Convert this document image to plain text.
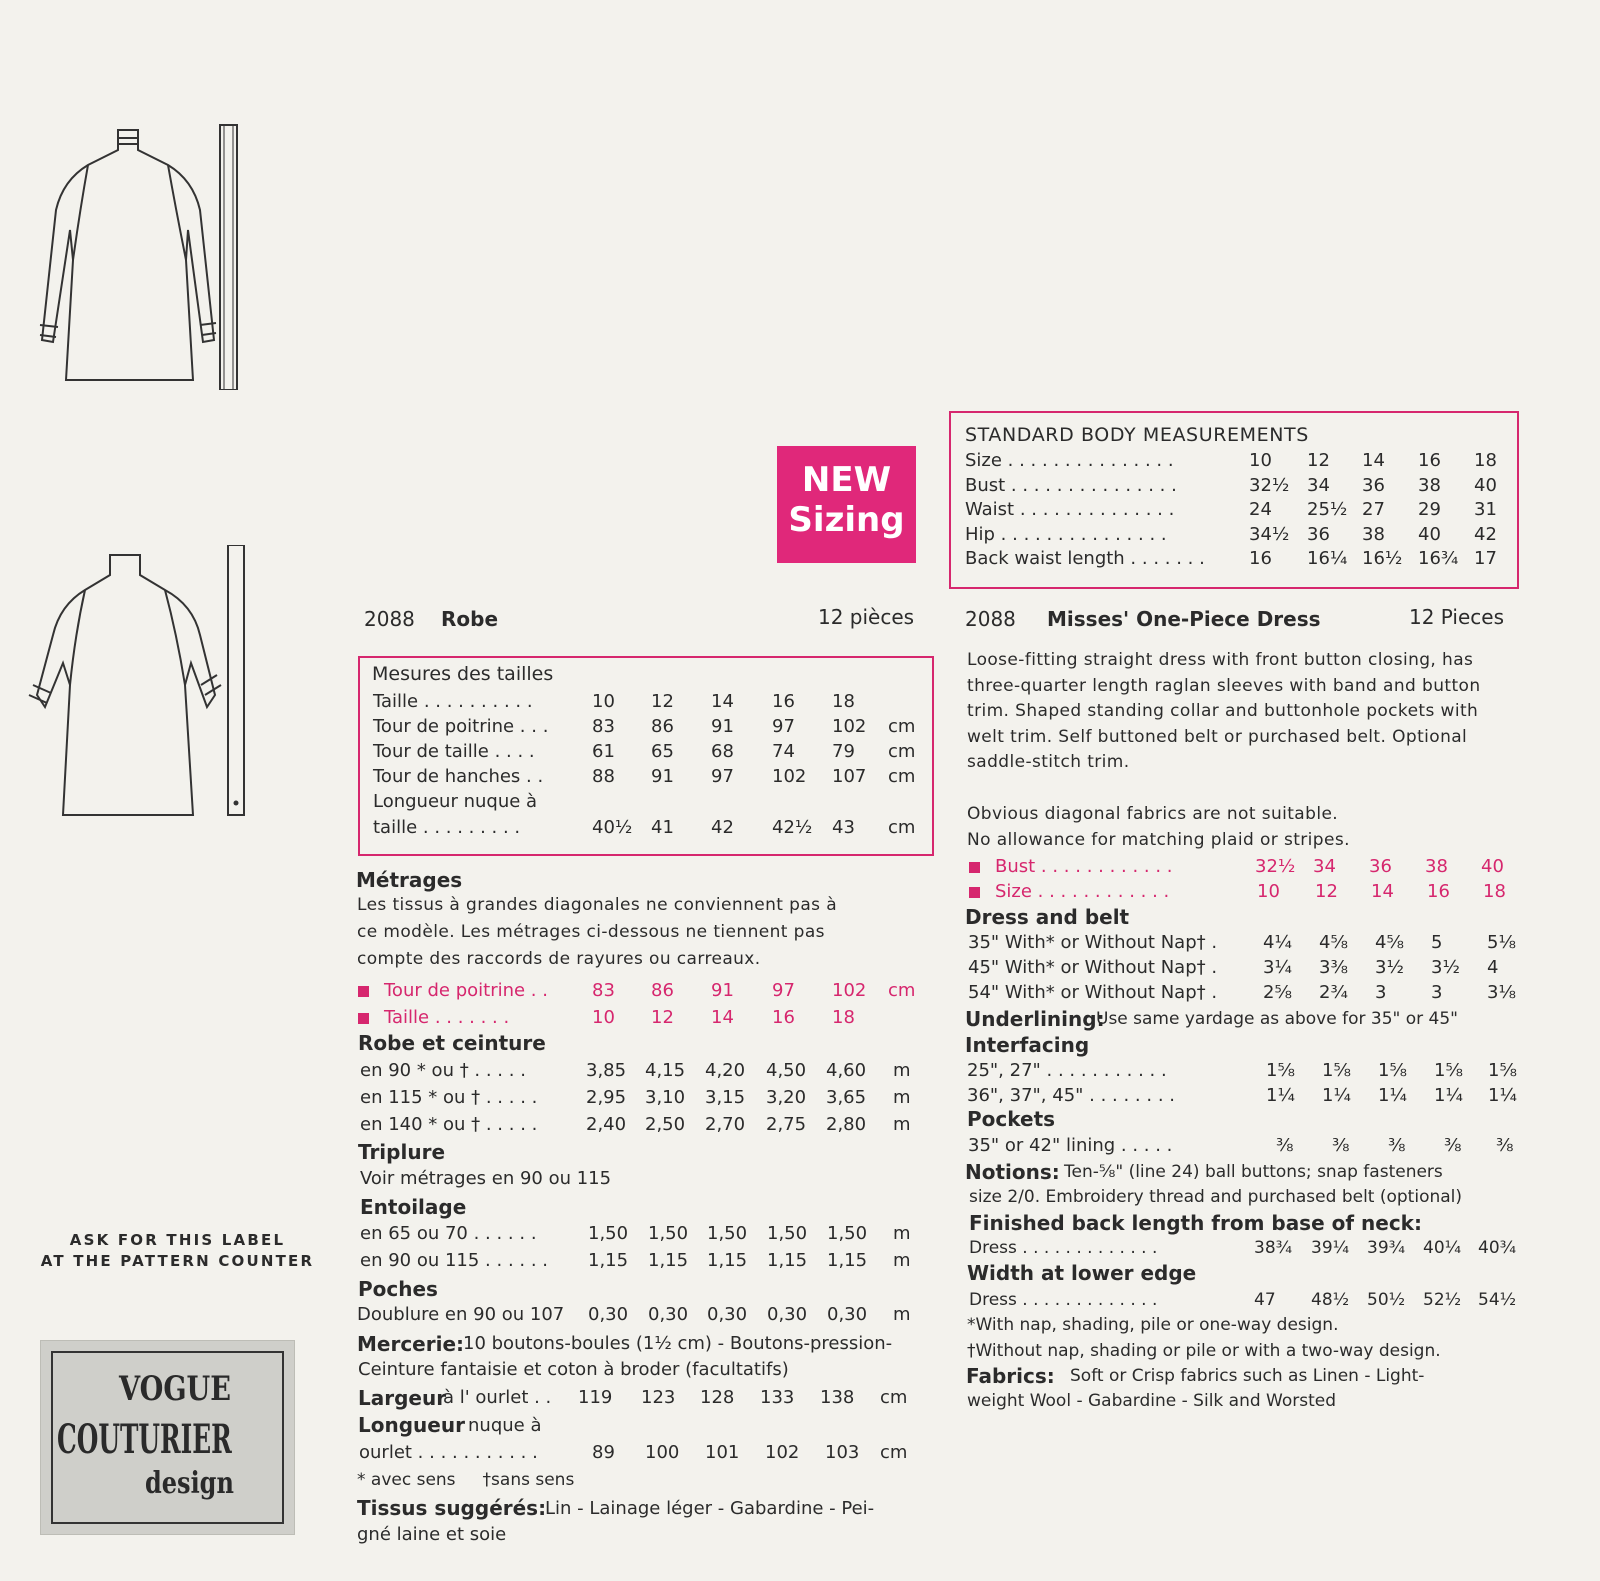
ASK FOR THIS LABEL
AT THE PATTERN COUNTER
VOGUE
COUTURIER
design
NEW
Sizing
STANDARD BODY MEASUREMENTS
Size . . . . . . . . . . . . . . .	10 12 14 16 18
Bust . . . . . . . . . . . . . . .	32½ 34 36 38 40
Waist . . . . . . . . . . . . . .	24 25½ 27 29 31
Hip . . . . . . . . . . . . . . .	34½ 36 38 40 42
Back waist length . . . . . . . 16 16¼ 16½ 16¾ 17
2088 Robe	12 pièces
Mesures des tailles
Taille . . . . . . . . . .	10 12 14 16 18
Tour de poitrine . . . 83 86 91 97 102 cm
Tour de taille . . . .	61 65 68 74 79 cm
Tour de hanches . .	88 91 97 102 107 cm
Longueur nuque à
taille . . . . . . . . .	40½ 41 42 42½ 43 cm
Métrages
Les tissus à grandes diagonales ne conviennent pas à
ce modèle. Les métrages ci-dessous ne tiennent pas
compte des raccords de rayures ou carreaux.
Tour de poitrine . . 83 86 91 97 102 cm
Taille . . . . . . .	10 12 14 16 18
Robe et ceinture
en 90 * ou † . . . . .	3,85 4,15 4,20 4,50 4,60 m
en 115 * ou † . . . . .	2,95 3,10 3,15 3,20 3,65 m
en 140 * ou † . . . . .	2,40 2,50 2,70 2,75 2,80 m
Triplure
Voir métrages en 90 ou 115
Entoilage
en 65 ou 70 . . . . . .	1,50 1,50 1,50 1,50 1,50 m
en 90 ou 115 . . . . . . 1,15 1,15 1,15 1,15 1,15 m
Poches
Doublure en 90 ou 107 0,30 0,30 0,30 0,30 0,30 m
Mercerie:
10 boutons-boules (1½ cm) - Boutons-pression-
Ceinture fantaisie et coton à broder (facultatifs)
Largeur
à l' ourlet . . 119 123 128 133 138 cm
Longueur nuque à
ourlet . . . . . . . . . . .	89 100 101 102 103 cm
* avec sens     †sans sens
Tissus suggérés:
Lin - Lainage léger - Gabardine - Pei-
gné laine et soie
2088 Misses' One-Piece Dress	12 Pieces
Loose-fitting straight dress with front button closing, has
three-quarter length raglan sleeves with band and button
trim. Shaped standing collar and buttonhole pockets with
welt trim. Self buttoned belt or purchased belt. Optional
saddle-stitch trim.
Obvious diagonal fabrics are not suitable.
No allowance for matching plaid or stripes.
Bust . . . . . . . . . . . .	32½ 34 36 38 40
Size . . . . . . . . . . . .	10 12 14 16 18
Dress and belt
35" With* or Without Nap† .	4¼ 4⅝ 4⅝ 5 5⅛
45" With* or Without Nap† .	3¼ 3⅜ 3½ 3½ 4
54" With* or Without Nap† .	2⅝ 2¾ 3 3 3⅛
Underlining:
Use same yardage as above for 35" or 45"
Interfacing
25", 27" . . . . . . . . . . .	1⅝ 1⅝ 1⅝ 1⅝ 1⅝
36", 37", 45" . . . . . . . .	1¼ 1¼ 1¼ 1¼ 1¼
Pockets
35" or 42" lining . . . . .	⅜ ⅜ ⅜ ⅜ ⅜
Notions: Ten-⅝" (line 24) ball buttons; snap fasteners
size 2/0. Embroidery thread and purchased belt (optional)
Finished back length from base of neck:
Dress . . . . . . . . . . . . .	38¾ 39¼ 39¾ 40¼ 40¾
Width at lower edge
Dress . . . . . . . . . . . . .	47 48½ 50½ 52½ 54½
*With nap, shading, pile or one-way design.
†Without nap, shading or pile or with a two-way design.
Fabrics: Soft or Crisp fabrics such as Linen - Light-
weight Wool - Gabardine - Silk and Worsted
